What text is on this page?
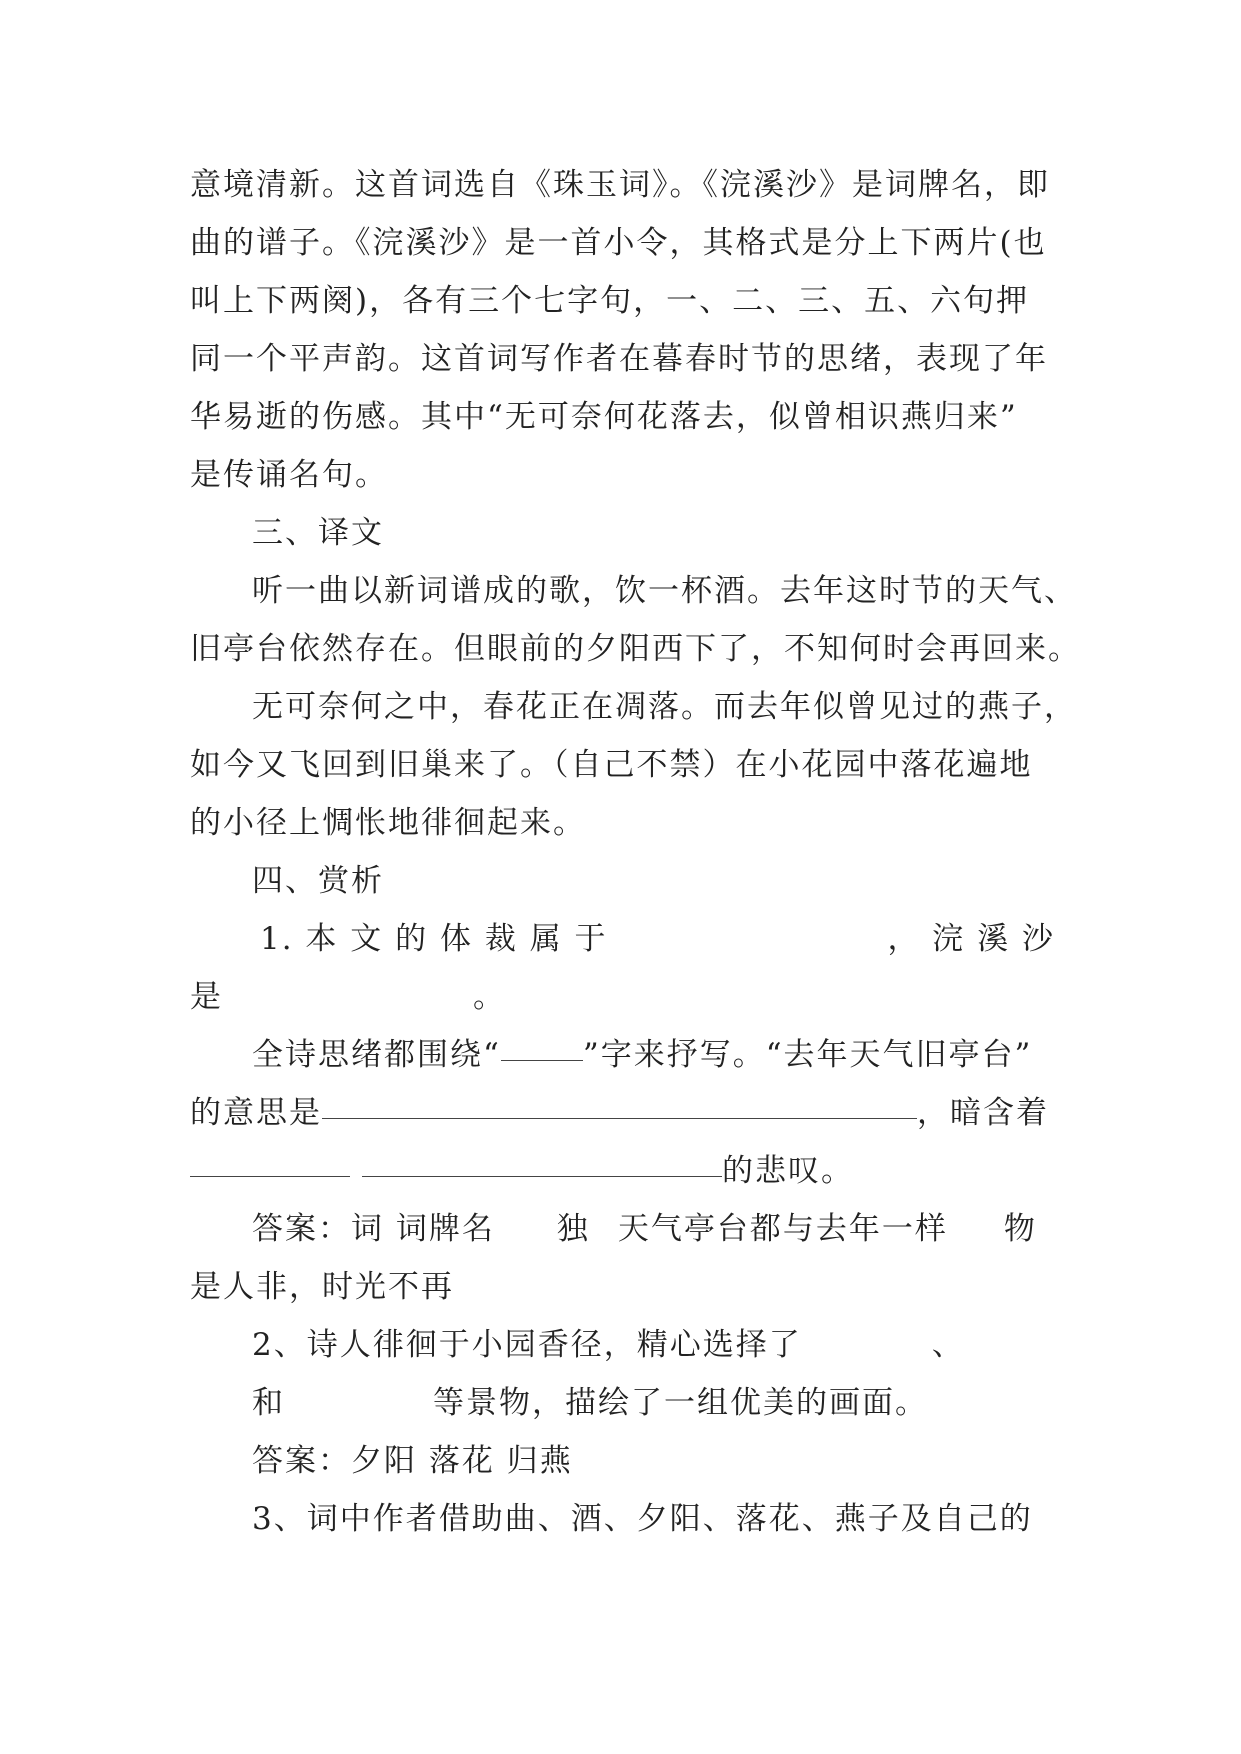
意境清新。这首词选自《珠玉词》。《浣溪沙》是词牌名，即
曲的谱子。《浣溪沙》是一首小令，其格式是分上下两片(也
叫上下两阕)，各有三个七字句，一、二、三、五、六句押
同一个平声韵。这首词写作者在暮春时节的思绪，表现了年
华易逝的伤感。其中“无可奈何花落去，似曾相识燕归来”
是传诵名句。
三、译文
听一曲以新词谱成的歌，饮一杯酒。去年这时节的天气、
旧亭台依然存在。但眼前的夕阳西下了，不知何时会再回来。
无可奈何之中，春花正在凋落。而去年似曾见过的燕子，
如今又飞回到旧巢来了。（自己不禁）在小花园中落花遍地
的小径上惆怅地徘徊起来。
四、赏析
1. 本 文 的 体 裁 属 于	， 浣 溪 沙
是	。
全诗思绪都围绕“	”字来抒写。“去年天气旧亭台”
的意思是	，暗含着
的悲叹。
答案：词 词牌名 独 天气亭台都与去年一样 物
是人非，时光不再
2、诗人徘徊于小园香径，精心选择了	、
和	等景物，描绘了一组优美的画面。
答案：夕阳 落花 归燕
3、词中作者借助曲、酒、夕阳、落花、燕子及自己的
